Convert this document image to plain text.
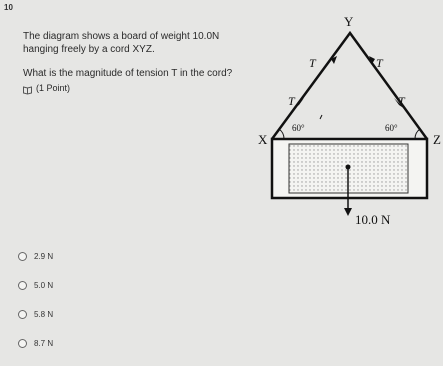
10

The diagram shows a board of weight 10.0N
hanging freely by a cord XYZ.

What is the magnitude of tension T in the cord?

(1 Point)
Y
X	Z
T	T
T	T
60°	60°
10.0 N
2.9 N
5.0 N
5.8 N
8.7 N
